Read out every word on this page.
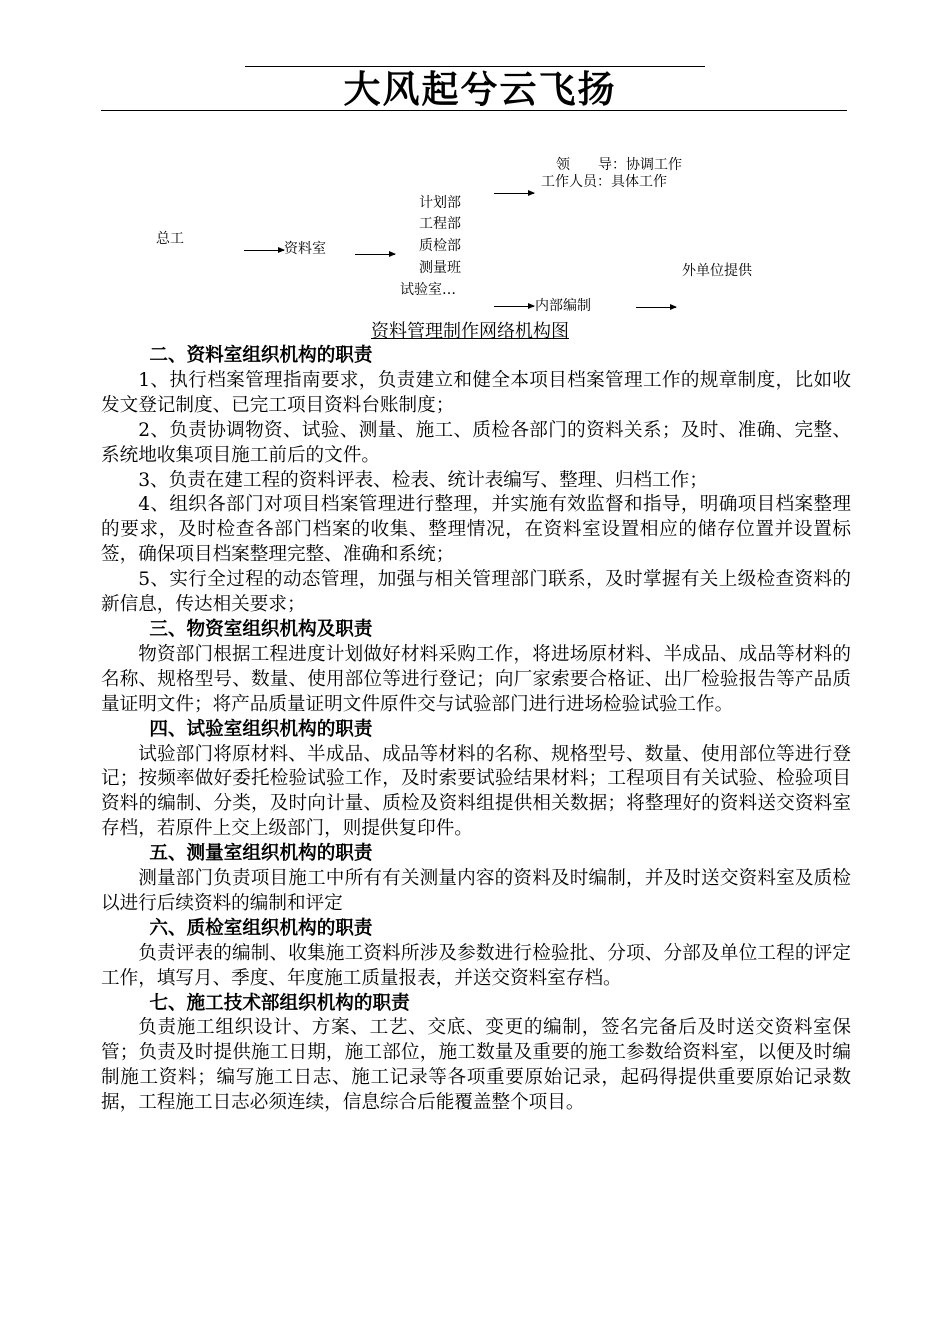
大风起兮云飞扬
领　　导：协调工作
工作人员：具体工作
总工
资料室
计划部
工程部
质检部
测量班
试验室…
外单位提供
内部编制
资料管理制作网络机构图
二、资料室组织机构的职责

1、执行档案管理指南要求，负责建立和健全本项目档案管理工作的规章制度，比如收发文登记制度、已完工项目资料台账制度；

2、负责协调物资、试验、测量、施工、质检各部门的资料关系；及时、准确、完整、系统地收集项目施工前后的文件。

3、负责在建工程的资料评表、检表、统计表编写、整理、归档工作；

4、组织各部门对项目档案管理进行整理，并实施有效监督和指导，明确项目档案整理的要求，及时检查各部门档案的收集、整理情况，在资料室设置相应的储存位置并设置标签，确保项目档案整理完整、准确和系统；

5、实行全过程的动态管理，加强与相关管理部门联系，及时掌握有关上级检查资料的新信息，传达相关要求；

三、物资室组织机构及职责

物资部门根据工程进度计划做好材料采购工作，将进场原材料、半成品、成品等材料的名称、规格型号、数量、使用部位等进行登记；向厂家索要合格证、出厂检验报告等产品质量证明文件；将产品质量证明文件原件交与试验部门进行进场检验试验工作。

四、试验室组织机构的职责

试验部门将原材料、半成品、成品等材料的名称、规格型号、数量、使用部位等进行登记；按频率做好委托检验试验工作，及时索要试验结果材料；工程项目有关试验、检验项目资料的编制、分类，及时向计量、质检及资料组提供相关数据；将整理好的资料送交资料室存档，若原件上交上级部门，则提供复印件。

五、测量室组织机构的职责

测量部门负责项目施工中所有有关测量内容的资料及时编制，并及时送交资料室及质检以进行后续资料的编制和评定

六、质检室组织机构的职责

负责评表的编制、收集施工资料所涉及参数进行检验批、分项、分部及单位工程的评定工作，填写月、季度、年度施工质量报表，并送交资料室存档。

七、施工技术部组织机构的职责

负责施工组织设计、方案、工艺、交底、变更的编制，签名完备后及时送交资料室保管；负责及时提供施工日期，施工部位，施工数量及重要的施工参数给资料室，以便及时编制施工资料；编写施工日志、施工记录等各项重要原始记录，起码得提供重要原始记录数据，工程施工日志必须连续，信息综合后能覆盖整个项目。
